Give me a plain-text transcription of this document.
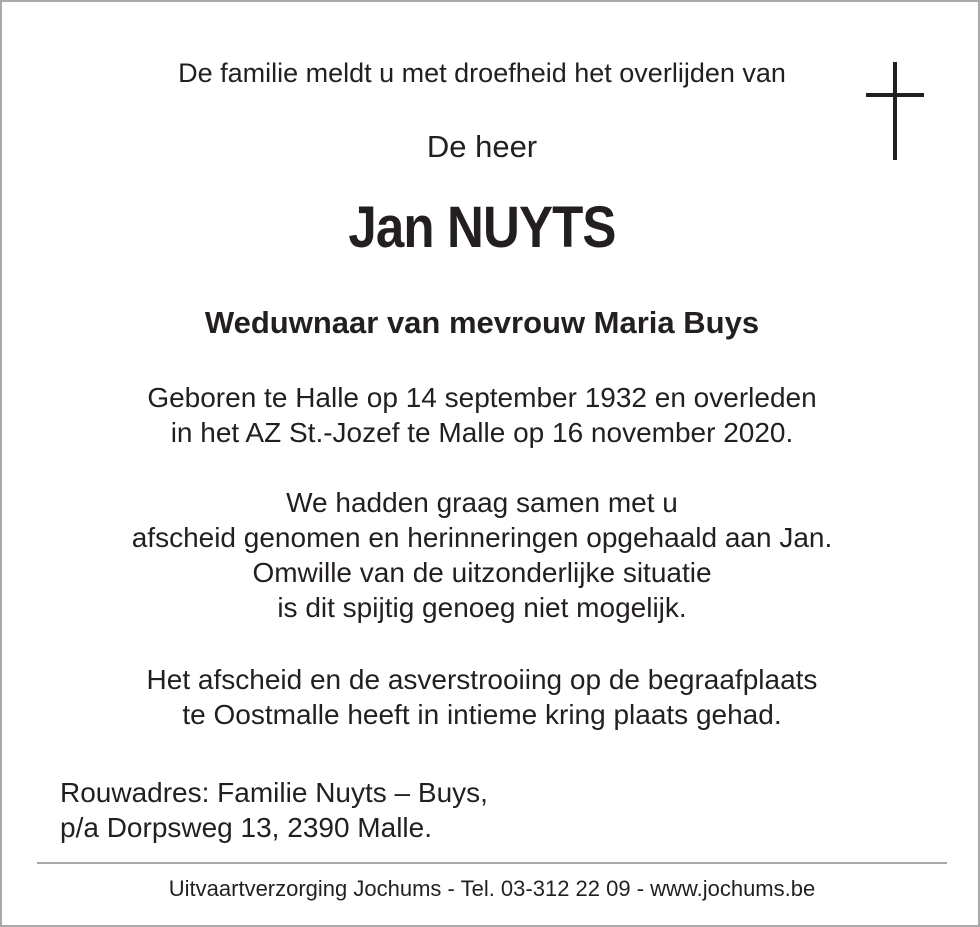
De familie meldt u met droefheid het overlijden van
De heer
Jan NUYTS
Weduwnaar van mevrouw Maria Buys
Geboren te Halle op 14 september 1932 en overleden
in het AZ St.-Jozef te Malle op 16 november 2020.
We hadden graag samen met u
afscheid genomen en herinneringen opgehaald aan Jan.
Omwille van de uitzonderlijke situatie
is dit spijtig genoeg niet mogelijk.
Het afscheid en de asverstrooiing op de begraafplaats
te Oostmalle heeft in intieme kring plaats gehad.
Rouwadres: Familie Nuyts – Buys,
p/a Dorpsweg 13, 2390 Malle.
Uitvaartverzorging Jochums - Tel. 03-312 22 09 - www.jochums.be
